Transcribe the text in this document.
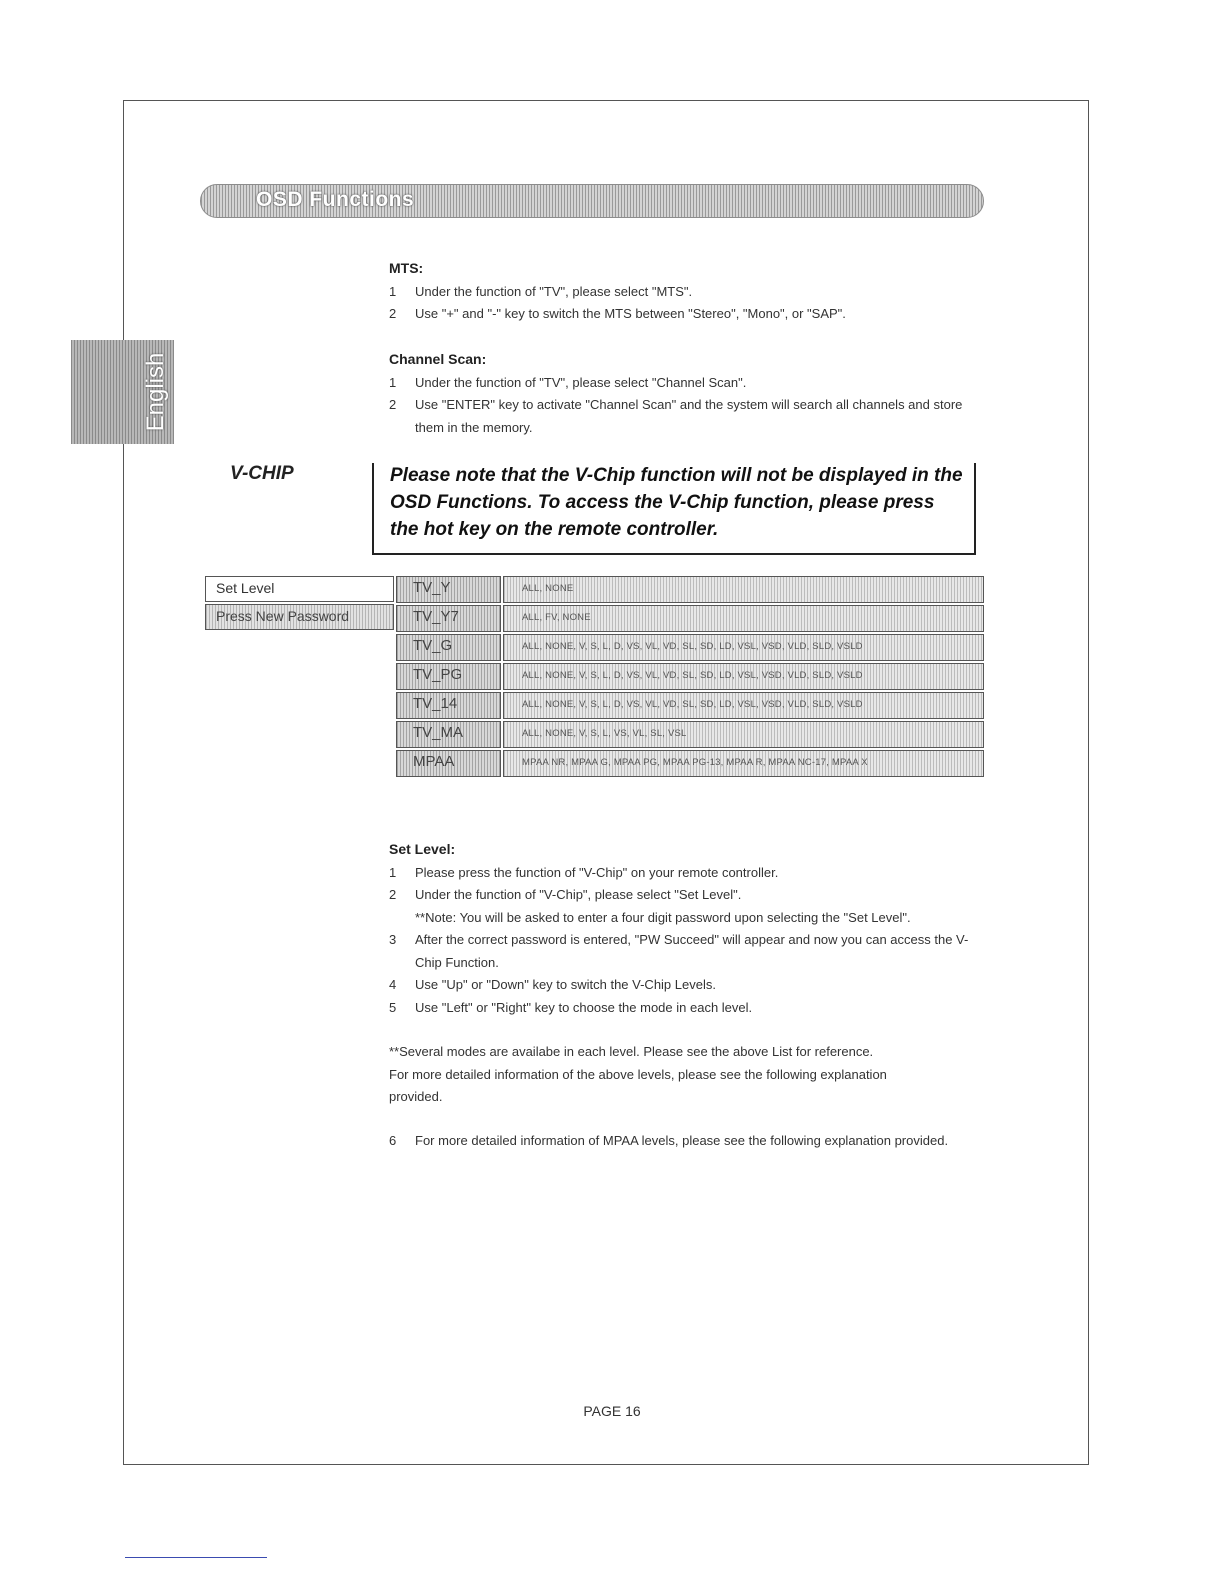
OSD Functions
English
MTS:
1 Under the function of "TV", please select "MTS".
2 Use "+" and "-" key to switch the MTS between "Stereo", "Mono", or "SAP".
Channel Scan:
1 Under the function of "TV", please select "Channel Scan".
2 Use "ENTER" key to activate "Channel Scan" and the system will search all channels and store them in the memory.
V-CHIP	Please note that the V-Chip function will not be displayed in the
OSD Functions. To access the V-Chip function, please press
the hot key on the remote controller.
Set Level
Press New Password
TV_Y	ALL, NONE
TV_Y7	ALL, FV, NONE
TV_G	ALL, NONE, V, S, L, D, VS, VL, VD, SL, SD, LD, VSL, VSD, VLD, SLD, VSLD
TV_PG	ALL, NONE, V, S, L, D, VS, VL, VD, SL, SD, LD, VSL, VSD, VLD, SLD, VSLD
TV_14	ALL, NONE, V, S, L, D, VS, VL, VD, SL, SD, LD, VSL, VSD, VLD, SLD, VSLD
TV_MA	ALL, NONE, V, S, L, VS, VL, SL, VSL
MPAA	MPAA NR, MPAA G, MPAA PG, MPAA PG-13, MPAA R, MPAA NC-17, MPAA X
Set Level:
1 Please press the function of "V-Chip" on your remote controller.
2 Under the function of "V-Chip", please select "Set Level".
**Note: You will be asked to enter a four digit password upon selecting the "Set Level".
3 After the correct password is entered, "PW Succeed" will appear and now you can access the V-Chip Function.
4 Use "Up" or "Down" key to switch the V-Chip Levels.
5 Use "Left" or "Right" key to choose the mode in each level.
**Several modes are availabe in each level. Please see the above List for reference.
For more detailed information of the above levels, please see the following explanation
provided.
6 For more detailed information of MPAA levels, please see the following explanation provided.
PAGE 16
